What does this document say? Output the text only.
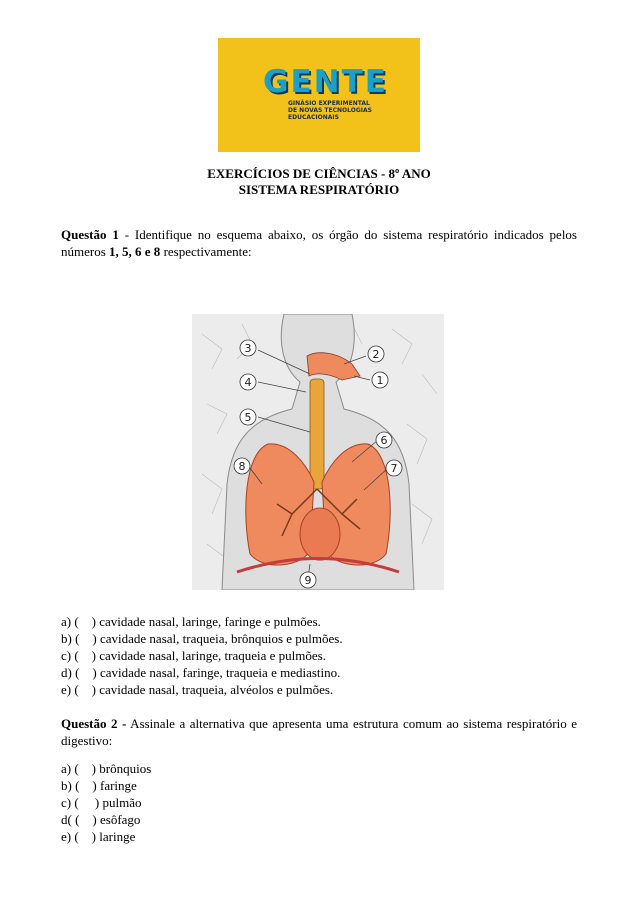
GENTE
GINÁSIO EXPERIMENTAL
DE NOVAS TECNOLOGIAS
EDUCACIONAIS
EXERCÍCIOS DE CIÊNCIAS - 8º ANO
SISTEMA RESPIRATÓRIO
Questão 1 - Identifique no esquema abaixo, os órgão do sistema respiratório indicados pelos números 1, 5, 6 e 8 respectivamente:
3	2
1
4
5
6
7
8
9
a) (    ) cavidade nasal, laringe, faringe e pulmões.
b) (    ) cavidade nasal, traqueia, brônquios e pulmões.
c) (    ) cavidade nasal, laringe, traqueia e pulmões.
d) (    ) cavidade nasal, faringe, traqueia e mediastino.
e) (    ) cavidade nasal, traqueia, alvéolos e pulmões.
Questão 2 - Assinale a alternativa que apresenta uma estrutura comum ao sistema respiratório e digestivo:
a) (    ) brônquios
b) (    ) faringe
c) (     ) pulmão
d( (    ) esôfago
e) (    ) laringe
